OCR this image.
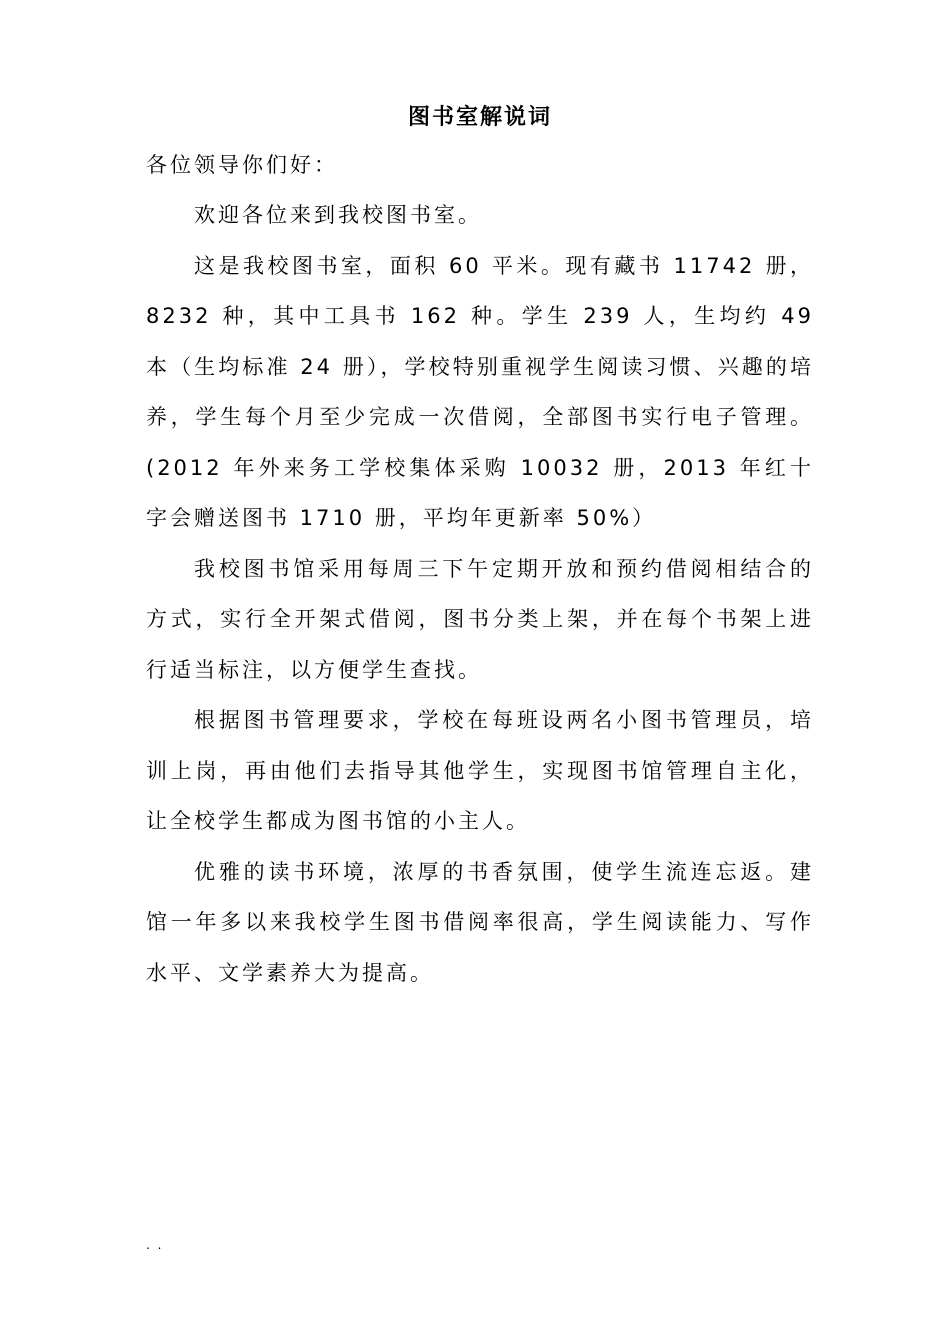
图书室解说词

各位领导你们好：

欢迎各位来到我校图书室。

这是我校图书室，面积 60 平米。现有藏书 11742 册，8232 种，其中工具书 162 种。学生 239 人，生均约 49 本（生均标准 24 册），学校特别重视学生阅读习惯、兴趣的培养，学生每个月至少完成一次借阅，全部图书实行电子管理。(2012 年外来务工学校集体采购 10032 册，2013 年红十字会赠送图书 1710 册，平均年更新率 50%）

我校图书馆采用每周三下午定期开放和预约借阅相结合的方式，实行全开架式借阅，图书分类上架，并在每个书架上进行适当标注，以方便学生查找。

根据图书管理要求，学校在每班设两名小图书管理员，培训上岗，再由他们去指导其他学生，实现图书馆管理自主化，让全校学生都成为图书馆的小主人。

优雅的读书环境，浓厚的书香氛围，使学生流连忘返。建馆一年多以来我校学生图书借阅率很高，学生阅读能力、写作水平、文学素养大为提高。

. .
